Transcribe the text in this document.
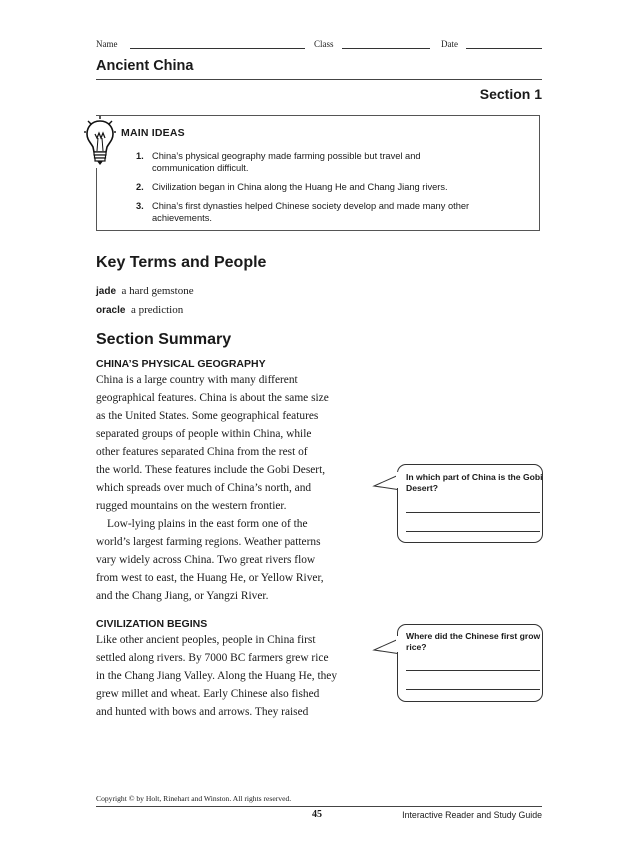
Name	Class	Date
Ancient China
Section 1
MAIN IDEAS
1. China’s physical geography made farming possible but travel and
communication difficult.
2. Civilization began in China along the Huang He and Chang Jiang rivers.
3. China’s first dynasties helped Chinese society develop and made many other
achievements.
Key Terms and People
jade a hard gemstone
oracle a prediction
Section Summary
CHINA’S PHYSICAL GEOGRAPHY
China is a large country with many different
geographical features. China is about the same size
as the United States. Some geographical features
separated groups of people within China, while
other features separated China from the rest of
the world. These features include the Gobi Desert,
which spreads over much of China’s north, and
rugged mountains on the western frontier.
Low-lying plains in the east form one of the
world’s largest farming regions. Weather patterns
vary widely across China. Two great rivers flow
from west to east, the Huang He, or Yellow River,
and the Chang Jiang, or Yangzi River.
CIVILIZATION BEGINS
Like other ancient peoples, people in China first
settled along rivers. By 7000 BC farmers grew rice
in the Chang Jiang Valley. Along the Huang He, they
grew millet and wheat. Early Chinese also fished
and hunted with bows and arrows. They raised
In which part of China is the Gobi
Desert?
Where did the Chinese first grow
rice?
Copyright © by Holt, Rinehart and Winston. All rights reserved.
45	Interactive Reader and Study Guide
